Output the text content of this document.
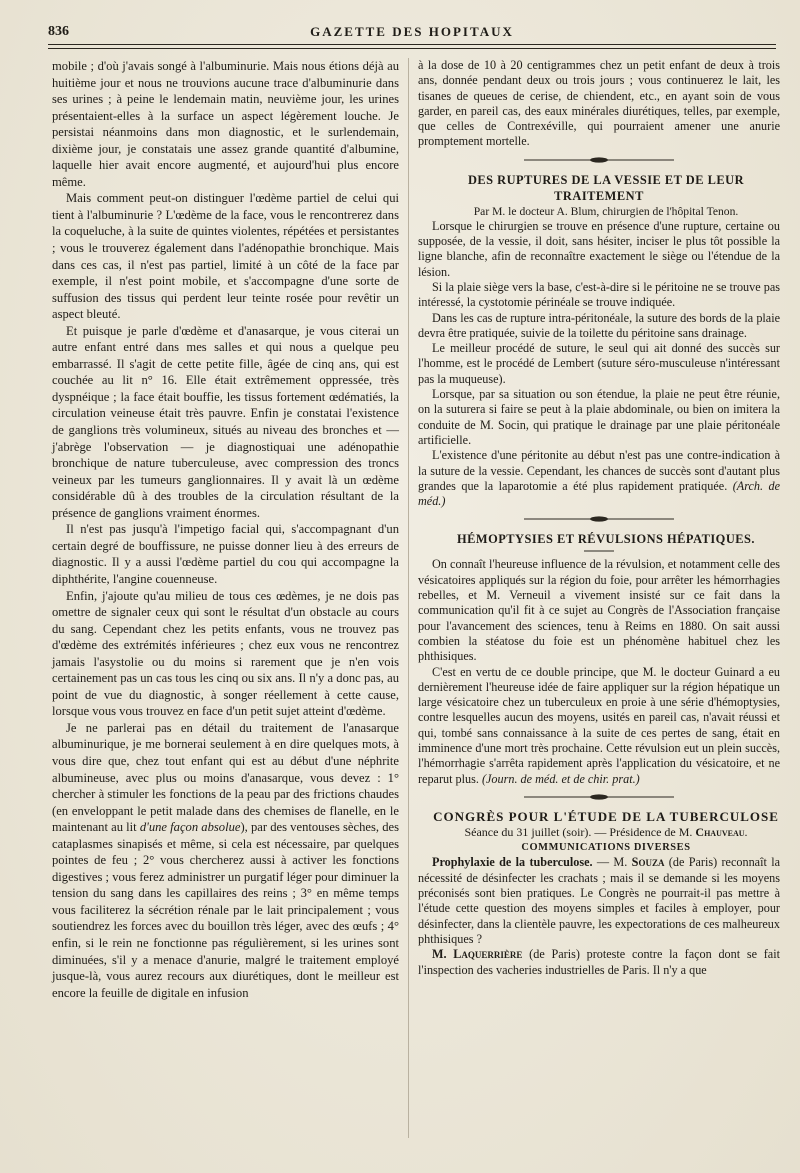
836	GAZETTE DES HOPITAUX

mobile ; d'où j'avais songé à l'albuminurie. Mais nous étions déjà au huitième jour et nous ne trouvions aucune trace d'albuminurie dans ses urines ; à peine le lendemain matin, neuvième jour, les urines présentaient-elles à la surface un aspect légèrement louche. Je persistai néanmoins dans mon diagnostic, et le surlendemain, dixième jour, je constatais une assez grande quantité d'albumine, laquelle hier avait encore augmenté, et aujourd'hui plus encore même.

Mais comment peut-on distinguer l'œdème partiel de celui qui tient à l'albuminurie ? L'œdème de la face, vous le rencontrerez dans la coqueluche, à la suite de quintes violentes, répétées et persistantes ; vous le trouverez également dans l'adénopathie bronchique. Mais dans ces cas, il n'est pas partiel, limité à un côté de la face par exemple, il n'est point mobile, et s'accompagne d'une sorte de suffusion des tissus qui perdent leur teinte rosée pour revêtir un aspect bleuté.

Et puisque je parle d'œdème et d'anasarque, je vous citerai un autre enfant entré dans mes salles et qui nous a quelque peu embarrassé. Il s'agit de cette petite fille, âgée de cinq ans, qui est couchée au lit n° 16. Elle était extrêmement oppressée, très dyspnéique ; la face était bouffie, les tissus fortement œdématiés, la circulation veineuse était très pauvre. Enfin je constatai l'existence de ganglions très volumineux, situés au niveau des bronches et — j'abrège l'observation — je diagnostiquai une adénopathie bronchique de nature tuberculeuse, avec compression des troncs veineux par les tumeurs ganglionnaires. Il y avait là un œdème considérable dû à des troubles de la circulation résultant de la présence de ganglions vraiment énormes.

Il n'est pas jusqu'à l'impetigo facial qui, s'accompagnant d'un certain degré de bouffissure, ne puisse donner lieu à des erreurs de diagnostic. Il y a aussi l'œdème partiel du cou qui accompagne la diphthérite, l'angine couenneuse.

Enfin, j'ajoute qu'au milieu de tous ces œdèmes, je ne dois pas omettre de signaler ceux qui sont le résultat d'un obstacle au cours du sang. Cependant chez les petits enfants, vous ne trouvez pas d'œdème des extrémités inférieures ; chez eux vous ne rencontrez jamais l'asystolie ou du moins si rarement que je n'en vois certainement pas un cas tous les cinq ou six ans. Il n'y a donc pas, au point de vue du diagnostic, à songer réellement à cette cause, lorsque vous vous trouvez en face d'un petit sujet atteint d'œdème.

Je ne parlerai pas en détail du traitement de l'anasarque albuminurique, je me bornerai seulement à en dire quelques mots, à vous dire que, chez tout enfant qui est au début d'une néphrite albumineuse, avec plus ou moins d'anasarque, vous devez : 1° chercher à stimuler les fonctions de la peau par des frictions chaudes (en enveloppant le petit malade dans des chemises de flanelle, en le maintenant au lit d'une façon absolue), par des ventouses sèches, des cataplasmes sinapisés et même, si cela est nécessaire, par quelques pointes de feu ; 2° vous chercherez aussi à activer les fonctions digestives ; vous ferez administrer un purgatif léger pour diminuer la tension du sang dans les capillaires des reins ; 3° en même temps vous faciliterez la sécrétion rénale par le lait principalement ; vous soutiendrez les forces avec du bouillon très léger, avec des œufs ; 4° enfin, si le rein ne fonctionne pas régulièrement, si les urines sont diminuées, s'il y a menace d'anurie, malgré le traitement employé jusque-là, vous aurez recours aux diurétiques, dont le meilleur est encore la feuille de digitale en infusion

à la dose de 10 à 20 centigrammes chez un petit enfant de deux à trois ans, donnée pendant deux ou trois jours ; vous continuerez le lait, les tisanes de queues de cerise, de chiendent, etc., en ayant soin de vous garder, en pareil cas, des eaux minérales diurétiques, telles, par exemple, que celles de Contrexéville, qui pourraient amener une anurie promptement mortelle.

DES RUPTURES DE LA VESSIE ET DE LEUR TRAITEMENT

Par M. le docteur A. Blum, chirurgien de l'hôpital Tenon.

Lorsque le chirurgien se trouve en présence d'une rupture, certaine ou supposée, de la vessie, il doit, sans hésiter, inciser le plus tôt possible la ligne blanche, afin de reconnaître exactement le siège ou l'étendue de la lésion.

Si la plaie siège vers la base, c'est-à-dire si le péritoine ne se trouve pas intéressé, la cystotomie périnéale se trouve indiquée.

Dans les cas de rupture intra-péritonéale, la suture des bords de la plaie devra être pratiquée, suivie de la toilette du péritoine sans drainage.

Le meilleur procédé de suture, le seul qui ait donné des succès sur l'homme, est le procédé de Lembert (suture séro-musculeuse n'intéressant pas la muqueuse).

Lorsque, par sa situation ou son étendue, la plaie ne peut être réunie, on la suturera si faire se peut à la plaie abdominale, ou bien on imitera la conduite de M. Socin, qui pratique le drainage par une plaie péritonéale artificielle.

L'existence d'une péritonite au début n'est pas une contre-indication à la suture de la vessie. Cependant, les chances de succès sont d'autant plus grandes que la laparotomie a été plus rapidement pratiquée. (Arch. de méd.)

HÉMOPTYSIES ET RÉVULSIONS HÉPATIQUES.

On connaît l'heureuse influence de la révulsion, et notamment celle des vésicatoires appliqués sur la région du foie, pour arrêter les hémorrhagies rebelles, et M. Verneuil a vivement insisté sur ce fait dans la communication qu'il fit à ce sujet au Congrès de l'Association française pour l'avancement des sciences, tenu à Reims en 1880. On sait aussi combien la stéatose du foie est un phénomène habituel chez les phthisiques.

C'est en vertu de ce double principe, que M. le docteur Guinard a eu dernièrement l'heureuse idée de faire appliquer sur la région hépatique un large vésicatoire chez un tuberculeux en proie à une série d'hémoptysies, contre lesquelles aucun des moyens, usités en pareil cas, n'avait réussi et qui, tombé sans connaissance à la suite de ces pertes de sang, était en imminence d'une mort très prochaine. Cette révulsion eut un plein succès, l'hémorrhagie s'arrêta rapidement après l'application du vésicatoire, et ne reparut plus. (Journ. de méd. et de chir. prat.)

CONGRÈS POUR L'ÉTUDE DE LA TUBERCULOSE

Séance du 31 juillet (soir). — Présidence de M. Chauveau.

COMMUNICATIONS DIVERSES

Prophylaxie de la tuberculose. — M. Souza (de Paris) reconnaît la nécessité de désinfecter les crachats ; mais il se demande si les moyens préconisés sont bien pratiques. Le Congrès ne pourrait-il pas mettre à l'étude cette question des moyens simples et faciles à employer, pour désinfecter, dans la clientèle pauvre, les expectorations de ces malheureux phthisiques ?

M. Laquerrière (de Paris) proteste contre la façon dont se fait l'inspection des vacheries industrielles de Paris. Il n'y a que
